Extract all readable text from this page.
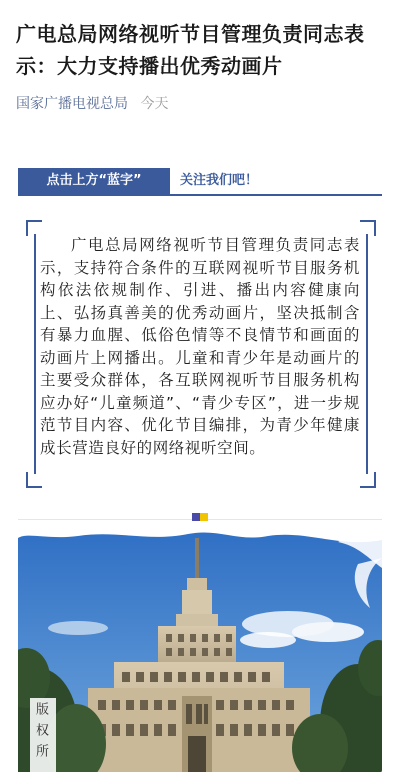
广电总局网络视听节目管理负责同志表示：大力支持播出优秀动画片
国家广播电视总局 今天
点击上方“蓝字”	关注我们吧！

广电总局网络视听节目管理负责同志表示，支持符合条件的互联网视听节目服务机构依法依规制作、引进、播出内容健康向上、弘扬真善美的优秀动画片，坚决抵制含有暴力血腥、低俗色情等不良情节和画面的动画片上网播出。儿童和青少年是动画片的主要受众群体，各互联网视听节目服务机构应办好“儿童频道”、“青少专区”，进一步规范节目内容、优化节目编排，为青少年健康成长营造良好的网络视听空间。

版权所
